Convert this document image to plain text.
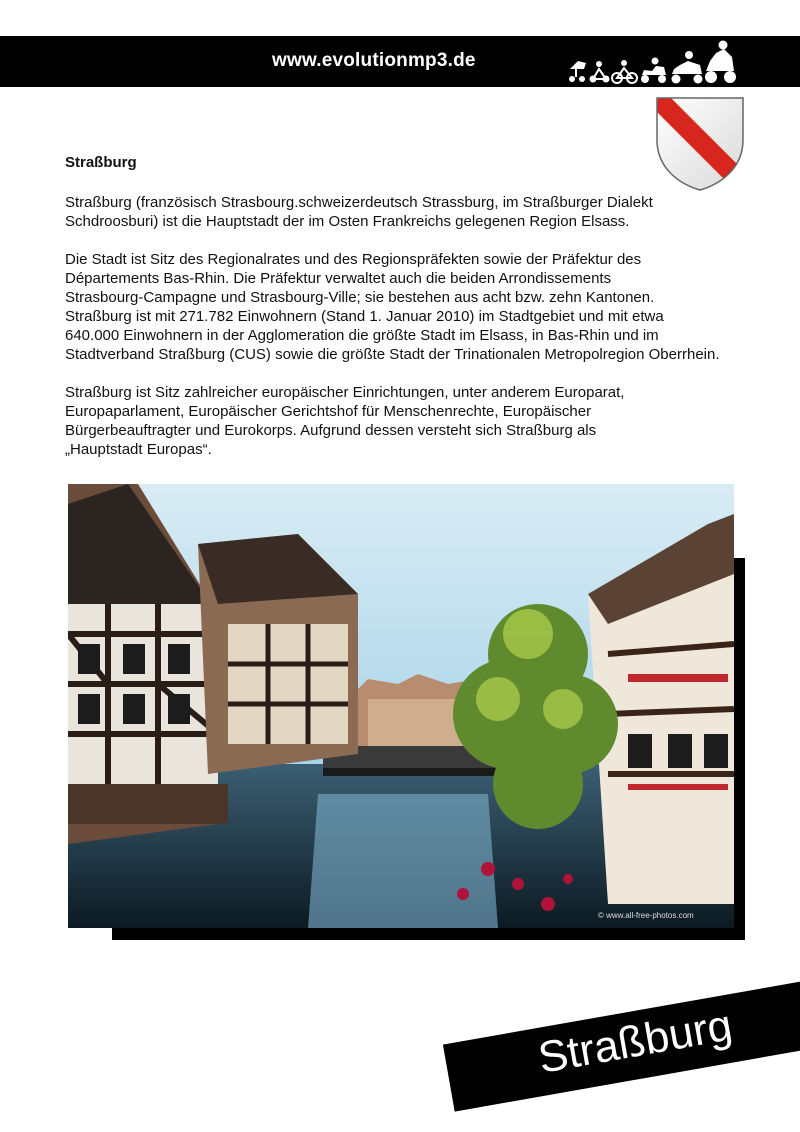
www.evolutionmp3.de
Straßburg

Straßburg (französisch Strasbourg.schweizerdeutsch Strassburg, im Straßburger Dialekt
Schdroosburi) ist die Hauptstadt der im Osten Frankreichs gelegenen Region Elsass.

Die Stadt ist Sitz des Regionalrates und des Regionspräfekten sowie der Präfektur des
Départements Bas-Rhin. Die Präfektur verwaltet auch die beiden Arrondissements
Strasbourg-Campagne und Strasbourg-Ville; sie bestehen aus acht bzw. zehn Kantonen.
Straßburg ist mit 271.782 Einwohnern (Stand 1. Januar 2010) im Stadtgebiet und mit etwa
640.000 Einwohnern in der Agglomeration die größte Stadt im Elsass, in Bas-Rhin und im
Stadtverband Straßburg (CUS) sowie die größte Stadt der Trinationalen Metropolregion Oberrhein.

Straßburg ist Sitz zahlreicher europäischer Einrichtungen, unter anderem Europarat,
Europaparlament, Europäischer Gerichtshof für Menschenrechte, Europäischer
Bürgerbeauftragter und Eurokorps. Aufgrund dessen versteht sich Straßburg als
„Hauptstadt Europas“.

© www.all-free-photos.com
Straßburg
